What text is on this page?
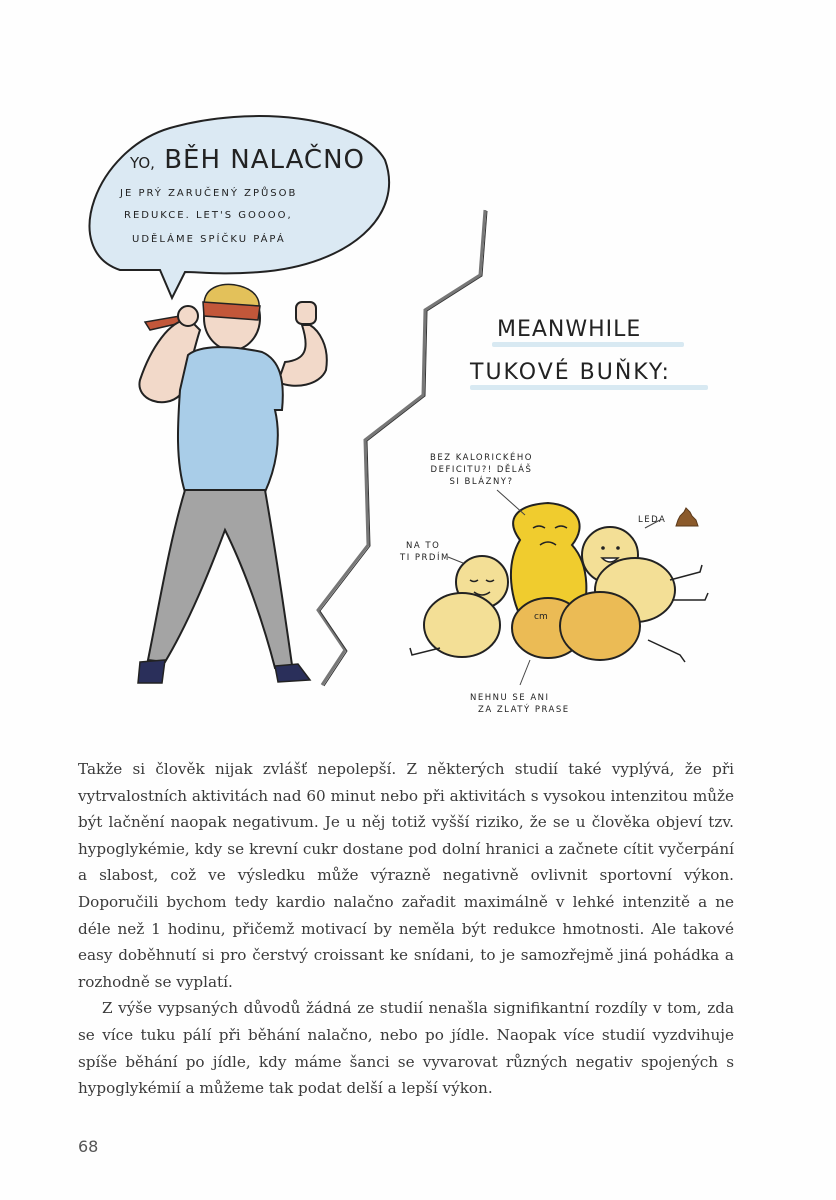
YO, BĚH NALAČNO
JE PRÝ ZARUČENÝ ZPŮSOB
REDUKCE. LET'S GOOOO,
UDĚLÁME SPÍČKU PÁPÁ
MEANWHILE
TUKOVÉ BUŇKY:
BEZ KALORICKÉHO
DEFICITU?! DĚLÁŠ
SI BLÁZNY?
NA TO
TI PRDÍM
LEDA
NEHNU SE ANI
ZA ZLATÝ PRASE
cm

Takže si člověk nijak zvlášť nepolepší. Z některých studií také vyplývá, že při vytrvalostních aktivitách nad 60 minut nebo při aktivitách s vysokou intenzitou může být lačnění naopak negativum. Je u něj totiž vyšší riziko, že se u člověka objeví tzv. hypoglykémie, kdy se krevní cukr dostane pod dolní hranici a začnete cítit vyčerpání a slabost, což ve výsledku může výrazně negativně ovlivnit sportovní výkon. Doporučili bychom tedy kardio nalačno zařadit maximálně v lehké intenzitě a ne déle než 1 hodinu, přičemž motivací by neměla být redukce hmotnosti. Ale takové easy doběhnutí si pro čerstvý croissant ke snídani, to je samozřejmě jiná pohádka a rozhodně se vyplatí.

Z výše vypsaných důvodů žádná ze studií nenašla signifikantní rozdíly v tom, zda se více tuku pálí při běhání nalačno, nebo po jídle. Naopak více studií vyzdvihuje spíše běhání po jídle, kdy máme šanci se vyvarovat různých negativ spojených s hypoglykémií a můžeme tak podat delší a lepší výkon.

68
